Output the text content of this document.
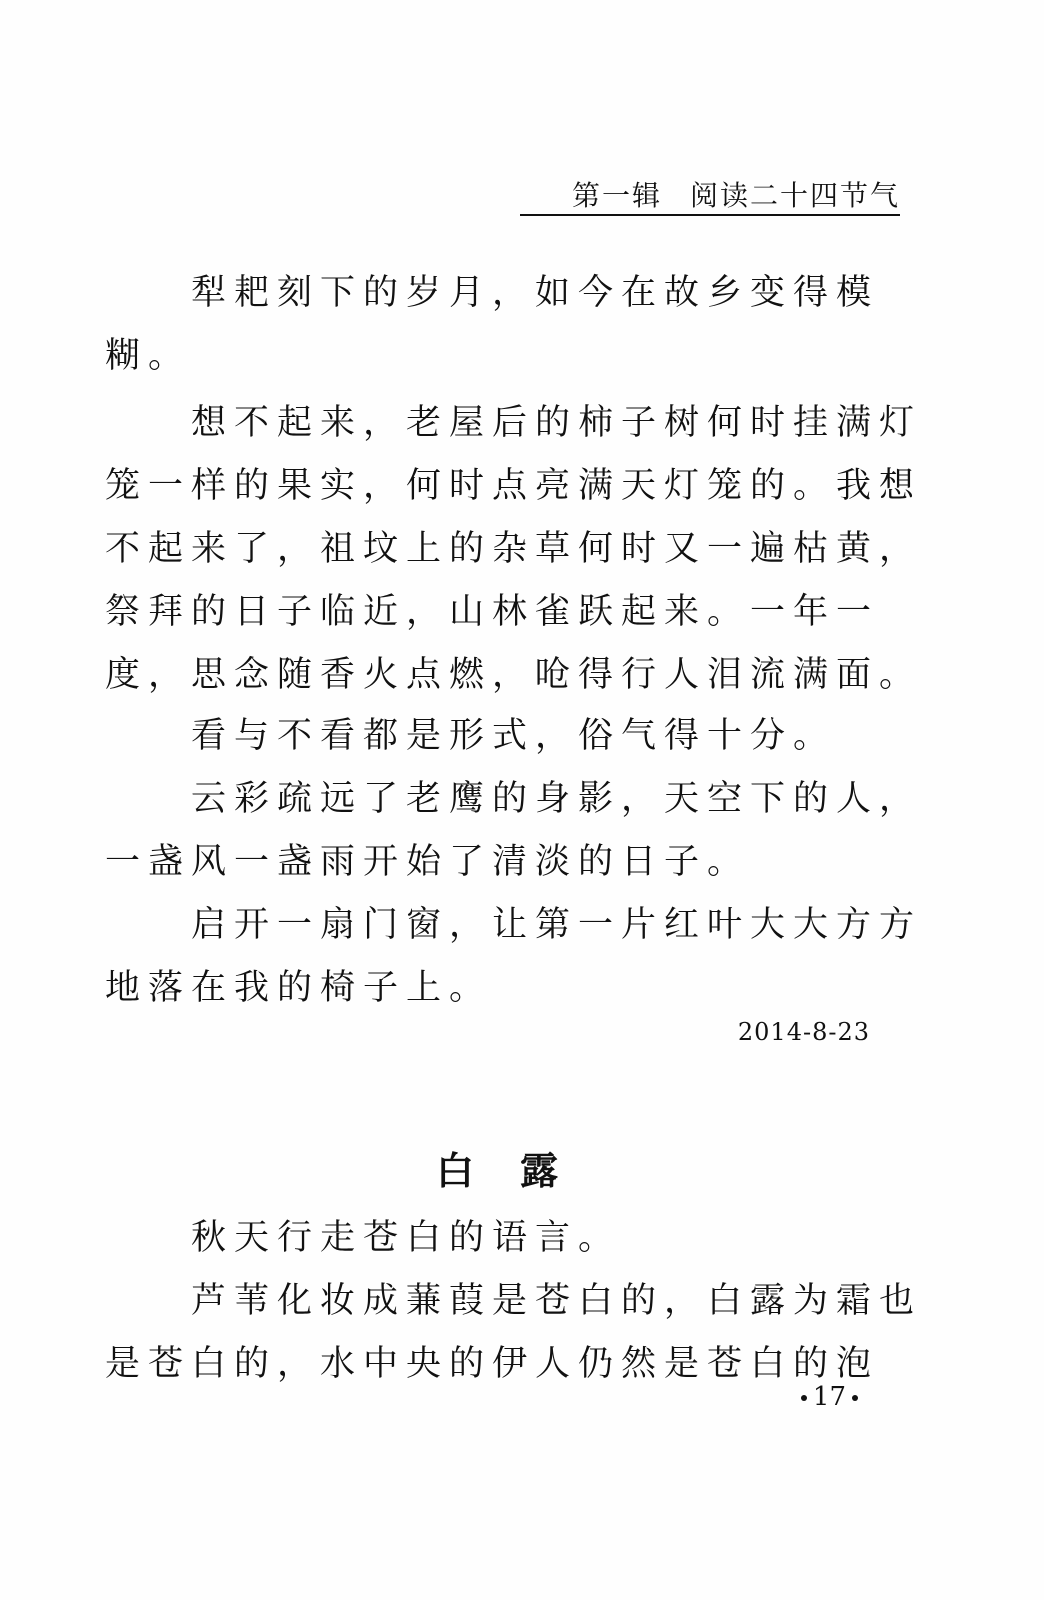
第一辑 阅读二十四节气

犁耙刻下的岁月，如今在故乡变得模
糊。

想不起来，老屋后的柿子树何时挂满灯
笼一样的果实，何时点亮满天灯笼的。我想
不起来了，祖坟上的杂草何时又一遍枯黄，
祭拜的日子临近，山林雀跃起来。一年一
度，思念随香火点燃，呛得行人泪流满面。

看与不看都是形式，俗气得十分。

云彩疏远了老鹰的身影，天空下的人，
一盏风一盏雨开始了清淡的日子。

启开一扇门窗，让第一片红叶大大方方
地落在我的椅子上。

2014-8-23
白露

秋天行走苍白的语言。

芦苇化妆成蒹葭是苍白的，白露为霜也
是苍白的，水中央的伊人仍然是苍白的泡

17
